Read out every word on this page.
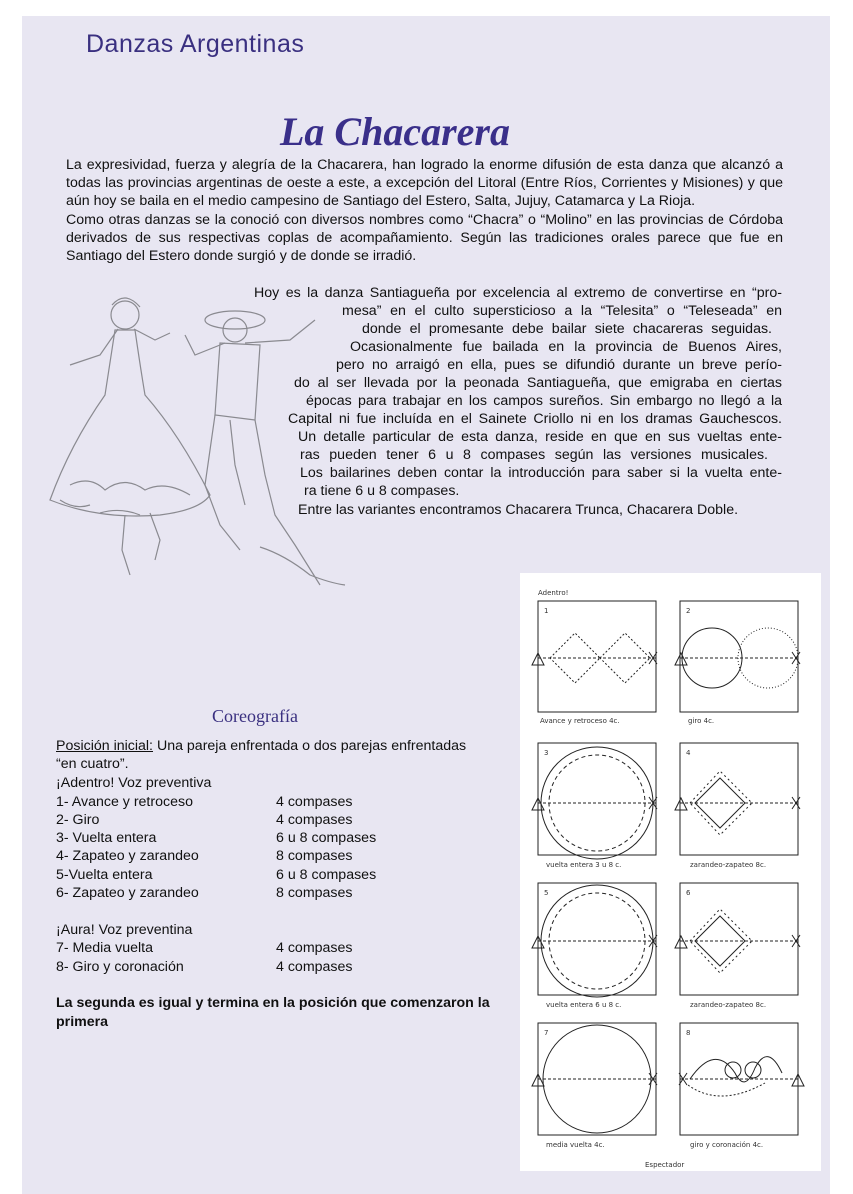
Danzas Argentinas
La Chacarera
La expresividad, fuerza y alegría de la Chacarera, han logrado la enorme difusión de esta danza que alcanzó a todas las provincias argentinas de oeste a este, a excepción del Litoral (Entre Ríos, Corrientes y Misiones) y que aún hoy se baila en el medio campesino de Santiago del Estero, Salta, Jujuy, Catamarca y La Rioja.
Como otras danzas se la conoció con diversos nombres como “Chacra” o “Molino” en las provincias de Córdoba derivados de sus respectivas coplas de acompañamiento. Según las tradiciones orales parece que fue en Santiago del Estero donde surgió y de donde se irradió.
Hoy es la danza Santiagueña por excelencia al extremo de convertirse en “pro-
mesa” en el culto supersticioso a la “Telesita” o “Teleseada” en
donde el promesante debe bailar siete chacareras seguidas.
Ocasionalmente fue bailada en la provincia de Buenos Aires,
pero no arraigó en ella, pues se difundió durante un breve perío-
do al ser llevada por la peonada Santiagueña, que emigraba en ciertas
épocas para trabajar en los campos sureños. Sin embargo no llegó a la
Capital ni fue incluída en el Sainete Criollo ni en los dramas Gauchescos.
Un detalle particular de esta danza, reside en que en sus vueltas ente-
ras pueden tener 6 u 8 compases según las versiones musicales.
Los bailarines deben contar la introducción para saber si la vuelta ente-
ra tiene 6 u 8 compases.
Entre las variantes encontramos Chacarera Trunca, Chacarera Doble.
Coreografía
Posición inicial: Una pareja enfrentada o dos parejas enfrentadas
“en cuatro”.
¡Adentro! Voz preventiva
1- Avance y retroceso	4 compases
2- Giro	4 compases
3- Vuelta entera	6 u 8 compases
4- Zapateo y zarandeo	8 compases
5-Vuelta entera	6 u 8 compases
6- Zapateo y zarandeo	8 compases
¡Aura! Voz preventina
7- Media vuelta	4 compases
8- Giro y coronación	4 compases
La segunda es igual y termina en la posición que comenzaron la primera
Adentro!
Espectador
1
Avance y retroceso 4c.
2
giro 4c.
3
vuelta entera 3 u 8 c.
4
zarandeo-zapateo 8c.
5
vuelta entera 6 u 8 c.
6
zarandeo-zapateo 8c.
7
media vuelta 4c.
8
giro y coronación 4c.
